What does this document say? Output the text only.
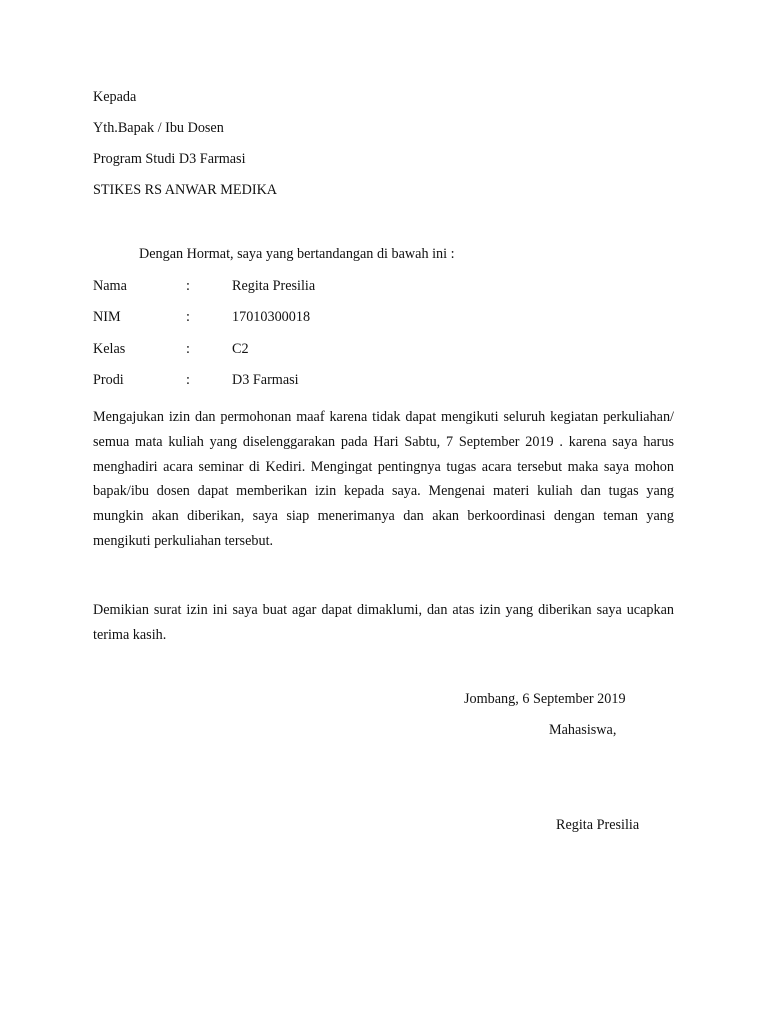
Kepada
Yth.Bapak / Ibu Dosen
Program Studi D3 Farmasi
STIKES RS ANWAR MEDIKA
Dengan Hormat, saya yang bertandangan di bawah ini :
Nama	:	Regita Presilia
NIM	:	17010300018
Kelas	:	C2
Prodi	:	D3 Farmasi

Mengajukan izin dan permohonan maaf karena tidak dapat mengikuti seluruh kegiatan perkuliahan/ semua mata kuliah yang diselenggarakan pada Hari Sabtu, 7 September 2019 . karena saya harus menghadiri acara seminar di Kediri. Mengingat pentingnya tugas acara tersebut maka saya mohon bapak/ibu dosen dapat memberikan izin kepada saya. Mengenai materi kuliah dan tugas yang mungkin akan diberikan, saya siap menerimanya dan akan berkoordinasi dengan teman yang mengikuti perkuliahan tersebut.

Demikian surat izin ini saya buat agar dapat dimaklumi, dan atas izin yang diberikan saya ucapkan terima kasih.

Jombang, 6 September 2019
Mahasiswa,
Regita Presilia
